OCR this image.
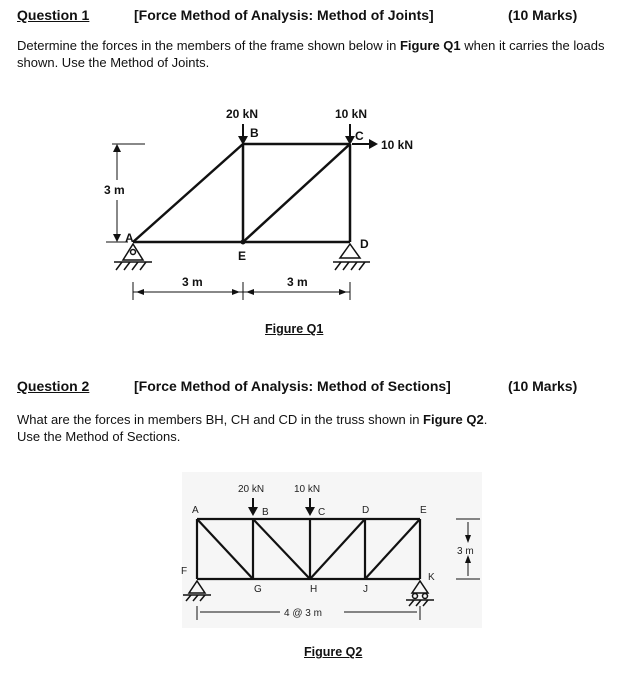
Question 1	[Force Method of Analysis: Method of Joints]	(10 Marks)
Determine the forces in the members of the frame shown below in Figure Q1 when it carries the loads shown. Use the Method of Joints.
20 kN	10 kN
10 kN
B	C
A	D
E
3 m
3 m	3 m
Figure Q1
Question 2	[Force Method of Analysis: Method of Sections]	(10 Marks)
What are the forces in members BH, CH and CD in the truss shown in Figure Q2.
Use the Method of Sections.
20 kN	10 kN
A	B	C	D	E
F
G	H	J
K
3 m
4 @ 3 m
Figure Q2
